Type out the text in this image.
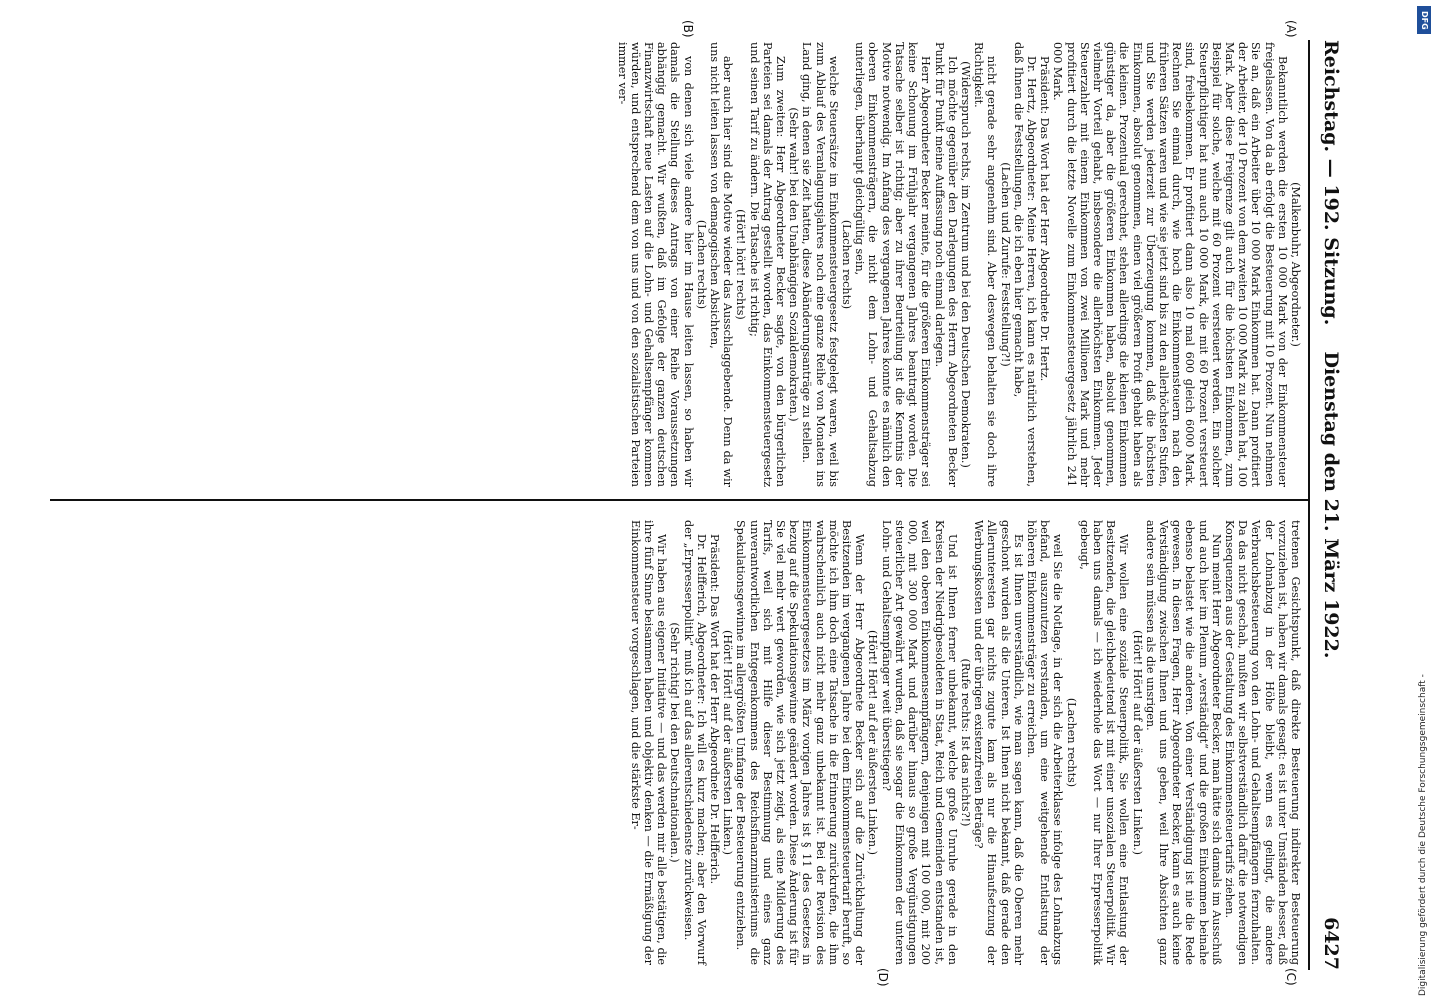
Reichstag. — 192. Sitzung.
Dienstag den 21. März 1922.
6427
(A)
(B)
(C)
(D)

(Malkenbuhr, Abgeordneter.)

Bekanntlich werden die ersten 10 000 Mark von der Einkommensteuer freigelassen. Von da ab erfolgt die Besteuerung mit 10 Prozent. Nun nehmen Sie an, daß ein Arbeiter über 10 000 Mark Einkommen hat. Dann profitiert der Arbeiter, der 10 Prozent von dem zweiten 10 000 Mark zu zahlen hat, 100 Mark. Aber diese Freigrenze gilt auch für die höchsten Einkommen, zum Beispiel für solche, welche mit 60 Prozent versteuert werden. Ein solcher Steuerpflichtiger hat nun auch 10 000 Mark, die mit 60 Prozent versteuert sind, freibekommen. Er profitiert dann also 10 mal 600 gleich 6000 Mark. Rechnen Sie einmal durch, wie hoch die Einkommensteuern nach den früheren Sätzen waren und wie sie jetzt sind bis zu den allerhöchsten Stufen, und Sie werden jederzeit zur Überzeugung kommen, daß die höchsten Einkommen, absolut genommen, einen viel größeren Profit gehabt haben als die kleinen. Prozentual gerechnet, stehen allerdings die kleinen Einkommen günstiger da, aber die größeren Einkommen haben, absolut genommen, vielmehr Vorteil gehabt, insbesondere die allerhöchsten Einkommen. Jeder Steuerzahler mit einem Einkommen von zwei Millionen Mark und mehr profitiert durch die letzte Novelle zum Einkommensteuergesetz jährlich 241 000 Mark.

Präsident: Das Wort hat der Herr Abgeordnete Dr. Hertz.

Dr. Hertz, Abgeordneter: Meine Herren, ich kann es natürlich verstehen, daß Ihnen die Feststellungen, die ich eben hier gemacht habe,

(Lachen und Zurufe: Feststellung?!)

nicht gerade sehr angenehm sind. Aber deswegen behalten sie doch ihre Richtigkeit.

(Widerspruch rechts, im Zentrum und bei den Deutschen Demokraten.)

Ich möchte gegenüber den Darlegungen des Herrn Abgeordneten Becker Punkt für Punkt meine Auffassung noch einmal darlegen.

Herr Abgeordneter Becker meinte, für die größeren Einkommensträger sei keine Schonung im Frühjahr vergangenen Jahres beantragt worden. Die Tatsache selber ist richtig; aber zu ihrer Beurteilung ist die Kenntnis der Motive notwendig. Im Anfang des vergangenen Jahres konnte es nämlich den oberen Einkommensträgern, die nicht dem Lohn- und Gehaltsabzug unterliegen, überhaupt gleichgültig sein,

(Lachen rechts)

welche Steuersätze im Einkommensteuergesetz festgelegt waren, weil bis zum Ablauf des Veranlagungsjahres noch eine ganze Reihe von Monaten ins Land ging, in denen sie Zeit hatten, diese Abänderungsanträge zu stellen.

(Sehr wahr! bei den Unabhängigen Sozialdemokraten.)

Zum zweiten: Herr Abgeordneter Becker sagte, von den bürgerlichen Parteien sei damals der Antrag gestellt worden, das Einkommensteuergesetz und seinen Tarif zu ändern. Die Tatsache ist richtig;

(Hört! hört! rechts)

aber auch hier sind die Motive wieder das Ausschlaggebende. Denn da wir uns nicht leiten lassen von demagogischen Absichten,

(Lachen rechts)

von denen sich viele andere hier im Hause leiten lassen, so haben wir damals die Stellung dieses Antrags von einer Reihe Voraussetzungen abhängig gemacht. Wir wußten, daß im Gefolge der ganzen deutschen Finanzwirtschaft neue Lasten auf die Lohn- und Gehaltsempfänger kommen würden, und entsprechend dem von uns und von den sozialistischen Parteien immer ver-

tretenen Gesichtspunkt, daß direkte Besteuerung indirekter Besteuerung vorzuziehen ist, haben wir damals gesagt: es ist unter Umständen besser, daß der Lohnabzug in der Höhe bleibt, wenn es gelingt, die andere Verbrauchsbesteuerung von den Lohn- und Gehaltsempfängern fernzuhalten. Da das nicht geschah, mußten wir selbstverständlich dafür die notwendigen Konsequenzen aus der Gestaltung des Einkommensteuertarifs ziehen.

Nun meint Herr Abgeordneter Becker, man hätte sich damals im Ausschuß und auch hier im Plenum „verständigt“ und die großen Einkommen beinahe ebenso belastet wie die anderen. Von einer Verständigung ist nie die Rede gewesen. In diesen Fragen, Herr Abgeordneter Becker, kann es auch keine Verständigung zwischen Ihnen und uns geben, weil Ihre Absichten ganz andere sein müssen als die unsrigen.

(Hört! Hört! auf der äußersten Linken.)

Wir wollen eine soziale Steuerpolitik, Sie wollen eine Entlastung der Besitzenden, die gleichbedeutend ist mit einer unsozialen Steuerpolitik. Wir haben uns damals — ich wiederhole das Wort — nur Ihrer Erpresserpolitik gebeugt,

(Lachen rechts)

weil Sie die Notlage, in der sich die Arbeiterklasse infolge des Lohnabzugs befand, auszunutzen verstanden, um eine weitgehende Entlastung der höheren Einkommensträger zu erreichen.

Es ist Ihnen unverständlich, wie man sagen kann, daß die Oberen mehr geschont wurden als die Unteren. Ist Ihnen nicht bekannt, daß gerade den Allerunteresten gar nichts zugute kam als nur die Hinaufsetzung der Werbungskosten und der übrigen existenzfreien Beträge?

(Rufe rechts: Ist das nichts?!)

Und ist Ihnen ferner unbekannt, welche große Unruhe gerade in den Kreisen der Niedrigbesoldeten in Staat, Reich und Gemeinden entstanden ist, weil den oberen Einkommensempfängern, denjenigen mit 100 000, mit 200 000, mit 300 000 Mark und darüber hinaus so große Vergünstigungen steuerlicher Art gewährt wurden, daß sie sogar die Einkommen der unteren Lohn- und Gehaltsempfänger weit überstiegen?

(Hört! Hört! auf der äußersten Linken.)

Wenn der Herr Abgeordnete Becker sich auf die Zurückhaltung der Besitzenden im vergangenen Jahre bei dem Einkommensteuertarif beruft, so möchte ich ihm doch eine Tatsache in die Erinnerung zurückrufen, die ihm wahrscheinlich auch nicht mehr ganz unbekannt ist. Bei der Revision des Einkommensteuergesetzes im März vorigen Jahres ist § 11 des Gesetzes in bezug auf die Spekulationsgewinne geändert worden. Diese Änderung ist für Sie viel mehr wert geworden, wie sich jetzt zeigt, als eine Milderung des Tarifs, weil sich mit Hilfe dieser Bestimmung und eines ganz unverantwortlichen Entgegenkommens des Reichsfinanzministeriums die Spekulationsgewinne im allergrößten Umfange der Besteuerung entziehen.

(Hört! Hört! auf der äußersten Linken.)

Präsident: Das Wort hat der Herr Abgeordnete Dr. Helfferich.

Dr. Helfferich, Abgeordneter: Ich will es kurz machen; aber den Vorwurf der „Erpresserpolitik“ muß ich auf das allerentschiedenste zurückweisen.

(Sehr richtig! bei den Deutschnationalen.)

Wir haben aus eigener Initiative — und das werden mir alle bestätigen, die ihre fünf Sinne beisammen haben und objektiv denken — die Ermäßigung der Einkommensteuer vorgeschlagen, und die stärkste Er-

DFG
Digitalisierung gefördert durch die Deutsche Forschungsgemeinschaft -
